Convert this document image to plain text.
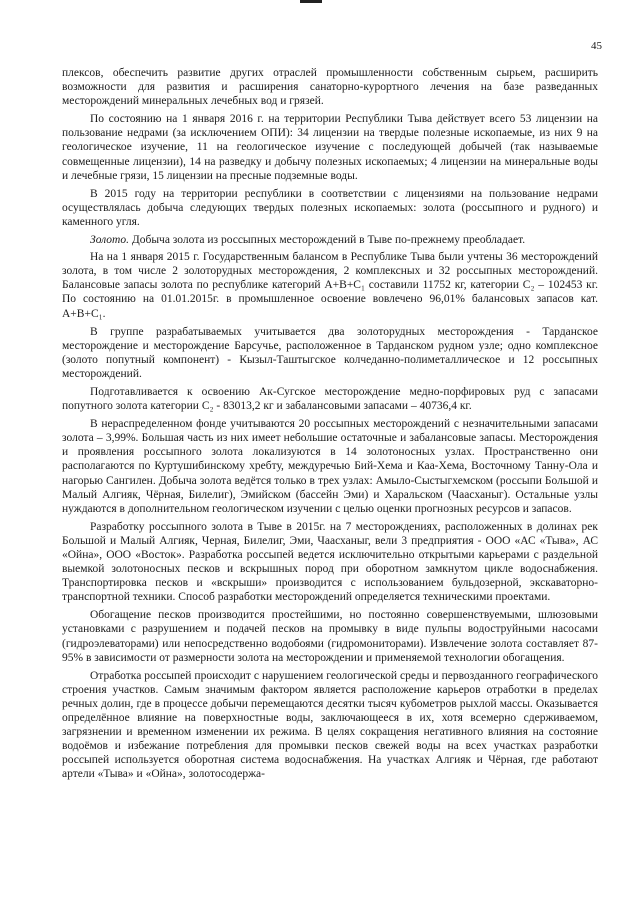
45

плексов, обеспечить развитие других отраслей промышленности собственным сырьем, расширить возможности для развития и расширения санаторно-курортного лечения на базе разведанных месторождений минеральных лечебных вод и грязей.

По состоянию на 1 января 2016 г. на территории Республики Тыва действует всего 53 лицензии на пользование недрами (за исключением ОПИ): 34 лицензии на твердые полезные ископаемые, из них 9 на геологическое изучение, 11 на геологическое изучение с последующей добычей (так называемые совмещенные лицензии), 14 на разведку и добычу полезных ископаемых; 4 лицензии на минеральные воды и лечебные грязи, 15 лицензии на пресные подземные воды.

В 2015 году на территории республики в соответствии с лицензиями на пользование недрами осуществлялась добыча следующих твердых полезных ископаемых: золота (россыпного и рудного) и каменного угля.

Золото. Добыча золота из россыпных месторождений в Тыве по-прежнему преобладает.

На на 1 января 2015 г. Государственным балансом в Республике Тыва были учтены 36 месторождений золота, в том числе 2 золоторудных месторождения, 2 комплексных и 32 россыпных месторождений. Балансовые запасы золота по республике категорий А+В+С₁ составили 11752 кг, категории С₂ – 102453 кг. По состоянию на 01.01.2015г. в промышленное освоение вовлечено 96,01% балансовых запасов кат. А+В+С₁.

В группе разрабатываемых учитывается два золоторудных месторождения - Тарданское месторождение и месторождение Барсучье, расположенное в Тарданском рудном узле; одно комплексное (золото попутный компонент) - Кызыл-Таштыгское колчеданно-полиметаллическое и 12 россыпных месторождений.

Подготавливается к освоению Ак-Сугское месторождение медно-порфировых руд с запасами попутного золота категории С₂ - 83013,2 кг и забалансовыми запасами – 40736,4 кг.

В нераспределенном фонде учитываются 20 россыпных месторождений с незначительными запасами золота – 3,99%. Большая часть из них имеет небольшие остаточные и забалансовые запасы. Месторождения и проявления россыпного золота локализуются в 14 золотоносных узлах. Пространственно они располагаются по Куртушибинскому хребту, междуречью Бий-Хема и Каа-Хема, Восточному Танну-Ола и нагорью Сангилен. Добыча золота ведётся только в трех узлах: Амыло-Сыстыгхемском (россыпи Большой и Малый Алгияк, Чёрная, Билелиг), Эмийском (бассейн Эми) и Харальском (Чаасханыг). Остальные узлы нуждаются в дополнительном геологическом изучении с целью оценки прогнозных ресурсов и запасов.

Разработку россыпного золота в Тыве в 2015г. на 7 месторождениях, расположенных в долинах рек Большой и Малый Алгияк, Черная, Билелиг, Эми, Чаасханыг, вели 3 предприятия - ООО «АС «Тыва», АС «Ойна», ООО «Восток». Разработка россыпей ведется исключительно открытыми карьерами с раздельной выемкой золотоносных песков и вскрышных пород при оборотном замкнутом цикле водоснабжения. Транспортировка песков и «вскрыши» производится с использованием бульдозерной, экскаваторно-транспортной техники. Способ разработки месторождений определяется техническими проектами.

Обогащение песков производится простейшими, но постоянно совершенствуемыми, шлюзовыми установками с разрушением и подачей песков на промывку в виде пульпы водоструйными насосами (гидроэлеваторами) или непосредственно водобоями (гидромониторами). Извлечение золота составляет 87-95% в зависимости от размерности золота на месторождении и применяемой технологии обогащения.

Отработка россыпей происходит с нарушением геологической среды и первозданного географического строения участков. Самым значимым фактором является расположение карьеров отработки в пределах речных долин, где в процессе добычи перемещаются десятки тысяч кубометров рыхлой массы. Оказывается определённое влияние на поверхностные воды, заключающееся в их, хотя всемерно сдерживаемом, загрязнении и временном изменении их режима. В целях сокращения негативного влияния на состояние водоёмов и избежание потребления для промывки песков свежей воды на всех участках разработки россыпей используется оборотная система водоснабжения. На участках Алгияк и Чёрная, где работают артели «Тыва» и «Ойна», золотосодержа-
